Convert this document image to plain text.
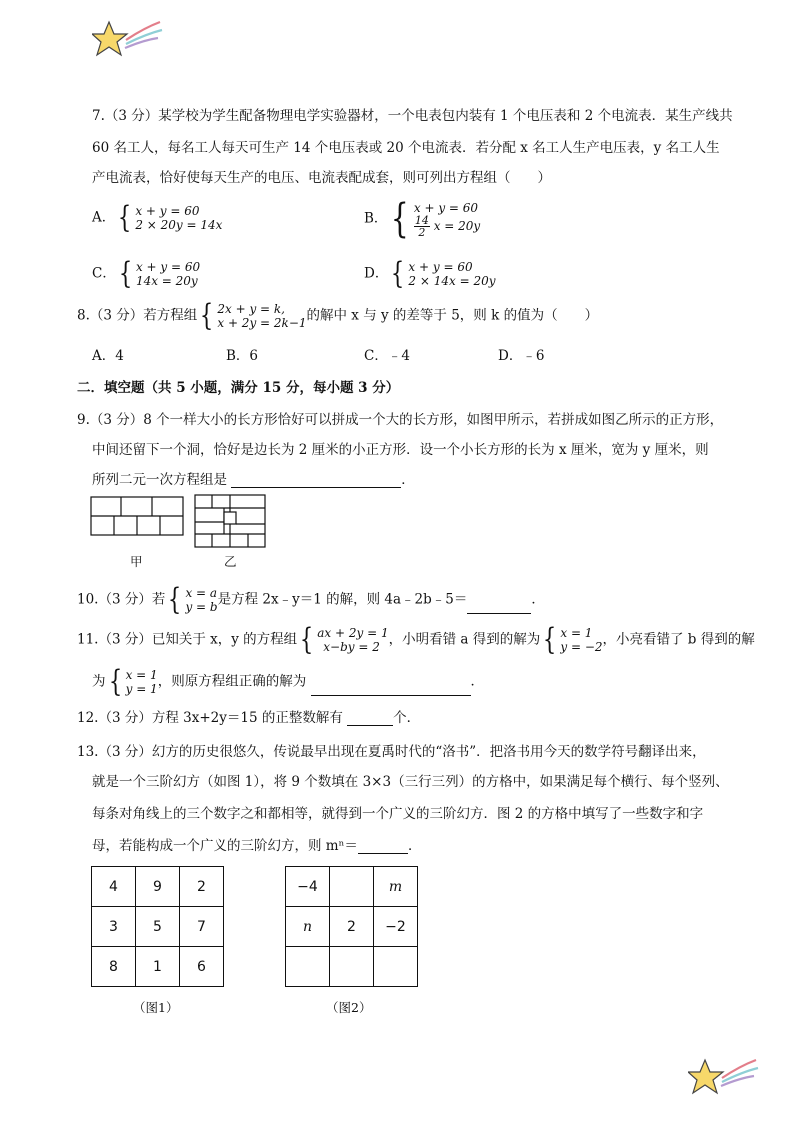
7.（3 分）某学校为学生配备物理电学实验器材，一个电表包内装有 1 个电压表和 2 个电流表．某生产线共
60 名工人，每名工人每天可生产 14 个电压表或 20 个电流表．若分配 x 名工人生产电压表，y 名工人生
产电流表，恰好使每天生产的电压、电流表配成套，则可列出方程组（　　）
A． { x + y = 60
2 × 20y = 14x	B． { x + y = 60
$\frac{14}{2}$ x = 20y
C． { x + y = 60
14x = 20y	D． { x + y = 60
2 × 14x = 20y
8.（3 分）若方程组 { 2x + y = k,
x + 2y = 2k−1 的解中 x 与 y 的差等于 5，则 k 的值为（　　）
A．4	B．6	C．﹣4	D．﹣6
二．填空题（共 5 小题，满分 15 分，每小题 3 分）
9.（3 分）8 个一样大小的长方形恰好可以拼成一个大的长方形，如图甲所示，若拼成如图乙所示的正方形，
中间还留下一个洞，恰好是边长为 2 厘米的小正方形．设一个小长方形的长为 x 厘米，宽为 y 厘米，则
所列二元一次方程组是	．
甲	乙
10.（3 分）若 { x = a
y = b 是方程 2x﹣y＝1 的解，则 4a﹣2b﹣5＝	．
11.（3 分）已知关于 x，y 的方程组 { ax + 2y = 1
x−by = 2 ，小明看错 a 得到的解为 { x = 1
y = −2 ，小亮看错了 b 得到的解
为 { x = 1
y = 1 ，则原方程组正确的解为	．
12.（3 分）方程 3x+2y＝15 的正整数解有	个．
13.（3 分）幻方的历史很悠久，传说最早出现在夏禹时代的“洛书”．把洛书用今天的数学符号翻译出来，
就是一个三阶幻方（如图 1），将 9 个数填在 3×3（三行三列）的方格中，如果满足每个横行、每个竖列、
每条对角线上的三个数字之和都相等，就得到一个广义的三阶幻方．图 2 的方格中填写了一些数字和字
母，若能构成一个广义的三阶幻方，则 mⁿ＝	．
4	9	2
3	5	7
8	1	6
（图1）
−4		m
n	2	−2

（图2）
